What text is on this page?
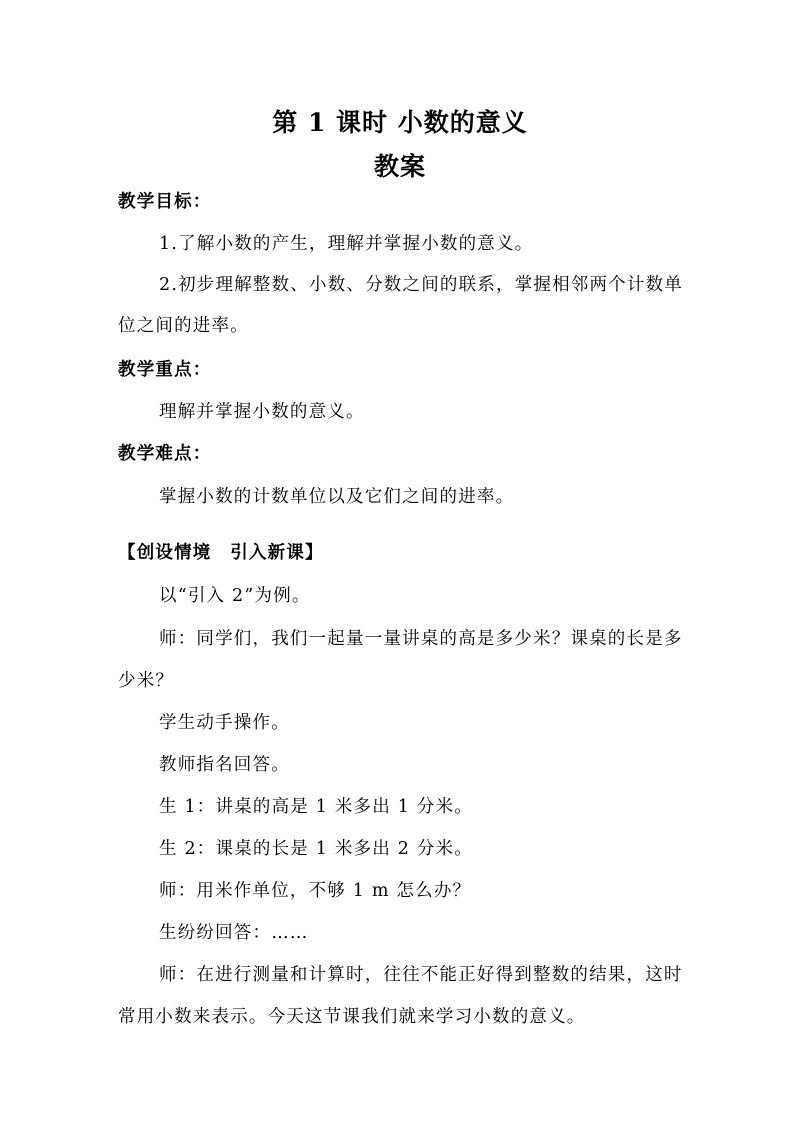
第 1 课时 小数的意义
教案
教学目标：
1.了解小数的产生，理解并掌握小数的意义。
2.初步理解整数、小数、分数之间的联系，掌握相邻两个计数单
位之间的进率。
教学重点：
理解并掌握小数的意义。
教学难点：
掌握小数的计数单位以及它们之间的进率。
【创设情境　引入新课】
以“引入 2”为例。
师：同学们，我们一起量一量讲桌的高是多少米？课桌的长是多
少米？
学生动手操作。
教师指名回答。
生 1：讲桌的高是 1 米多出 1 分米。
生 2：课桌的长是 1 米多出 2 分米。
师：用米作单位，不够 1 m 怎么办？
生纷纷回答：……
师：在进行测量和计算时，往往不能正好得到整数的结果，这时
常用小数来表示。今天这节课我们就来学习小数的意义。
